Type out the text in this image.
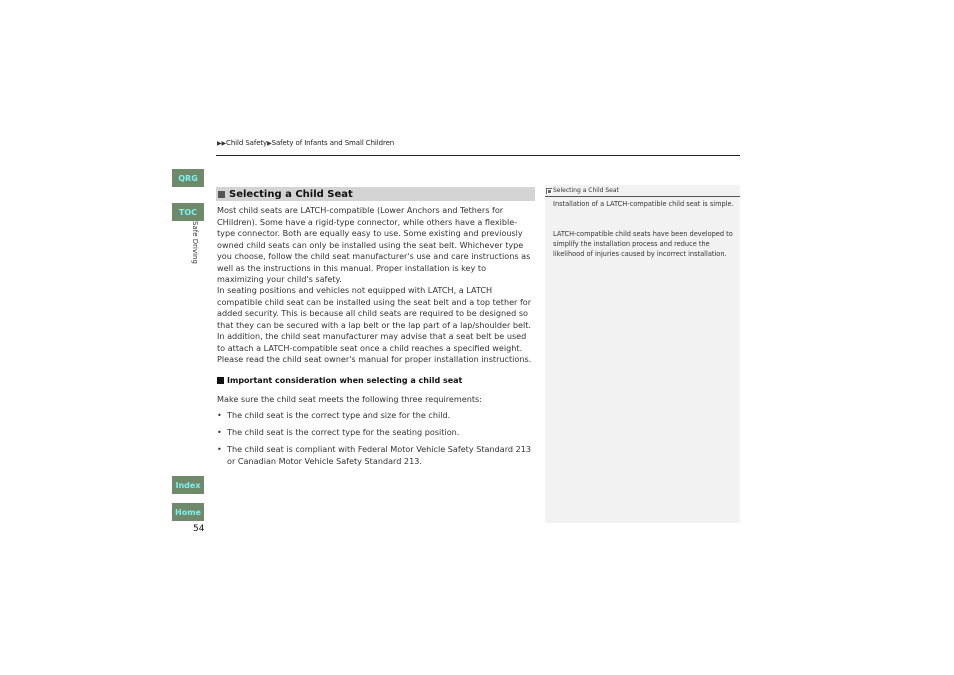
▶▶Child Safety▶Safety of Infants and Small Children
QRG
TOC
Safe Driving
Index
Home
54
Selecting a Child Seat

Most child seats are LATCH-compatible (Lower Anchors and Tethers for CHildren). Some have a rigid-type connector, while others have a flexible-type connector. Both are equally easy to use. Some existing and previously owned child seats can only be installed using the seat belt. Whichever type you choose, follow the child seat manufacturer's use and care instructions as well as the instructions in this manual. Proper installation is key to maximizing your child's safety.

In seating positions and vehicles not equipped with LATCH, a LATCH compatible child seat can be installed using the seat belt and a top tether for added security. This is because all child seats are required to be designed so that they can be secured with a lap belt or the lap part of a lap/shoulder belt. In addition, the child seat manufacturer may advise that a seat belt be used to attach a LATCH-compatible seat once a child reaches a specified weight. Please read the child seat owner's manual for proper installation instructions.

Important consideration when selecting a child seat

Make sure the child seat meets the following three requirements:

• The child seat is the correct type and size for the child.
• The child seat is the correct type for the seating position.
• The child seat is compliant with Federal Motor Vehicle Safety Standard 213 or Canadian Motor Vehicle Safety Standard 213.
Selecting a Child Seat

Installation of a LATCH-compatible child seat is simple.

LATCH-compatible child seats have been developed to simplify the installation process and reduce the likelihood of injuries caused by incorrect installation.
